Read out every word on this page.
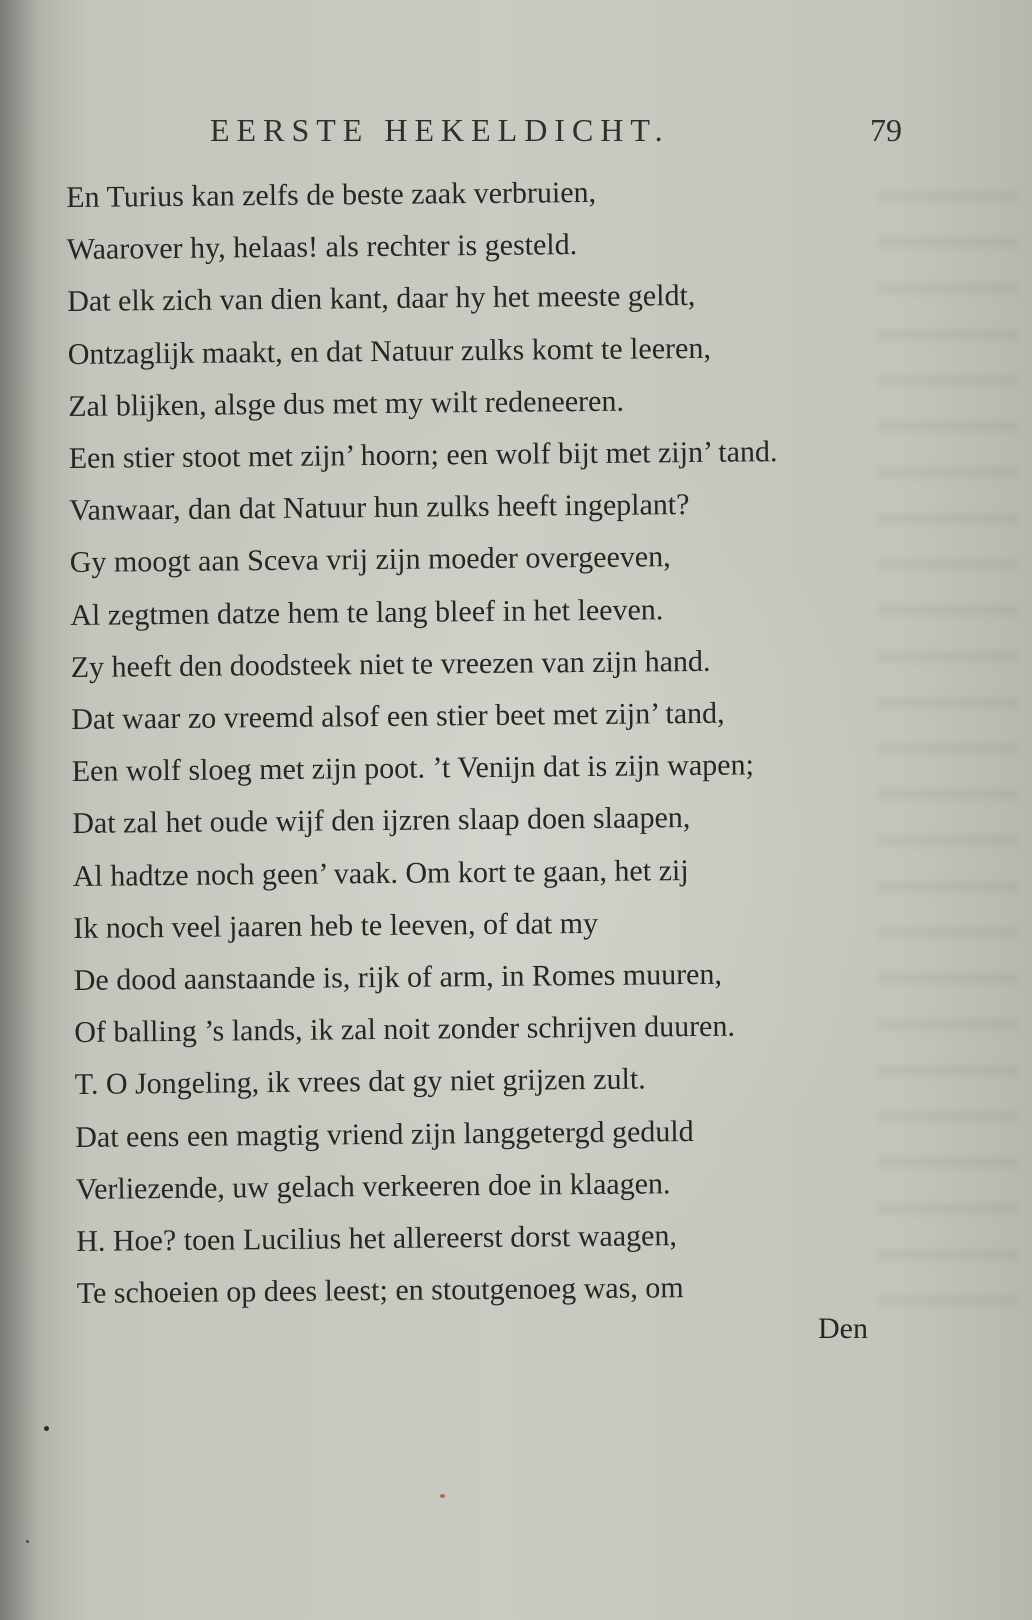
EERSTE HEKELDICHT.	79
En Turius kan zelfs de beste zaak verbruien,
Waarover hy, helaas! als rechter is gesteld.
Dat elk zich van dien kant, daar hy het meeste geldt,
Ontzaglijk maakt, en dat Natuur zulks komt te leeren,
Zal blijken, alsge dus met my wilt redeneeren.
Een stier stoot met zijn’ hoorn; een wolf bijt met zijn’ tand.
Vanwaar, dan dat Natuur hun zulks heeft ingeplant?
Gy moogt aan Sceva vrij zijn moeder overgeeven,
Al zegtmen datze hem te lang bleef in het leeven.
Zy heeft den doodsteek niet te vreezen van zijn hand.
Dat waar zo vreemd alsof een stier beet met zijn’ tand,
Een wolf sloeg met zijn poot. ’t Venijn dat is zijn wapen;
Dat zal het oude wijf den ijzren slaap doen slaapen,
Al hadtze noch geen’ vaak. Om kort te gaan, het zij
Ik noch veel jaaren heb te leeven, of dat my
De dood aanstaande is, rijk of arm, in Romes muuren,
Of balling ’s lands, ik zal noit zonder schrijven duuren.
T. O Jongeling, ik vrees dat gy niet grijzen zult.
Dat eens een magtig vriend zijn langgetergd geduld
Verliezende, uw gelach verkeeren doe in klaagen.
H. Hoe? toen Lucilius het allereerst dorst waagen,
Te schoeien op dees leest; en stoutgenoeg was, om
Den
